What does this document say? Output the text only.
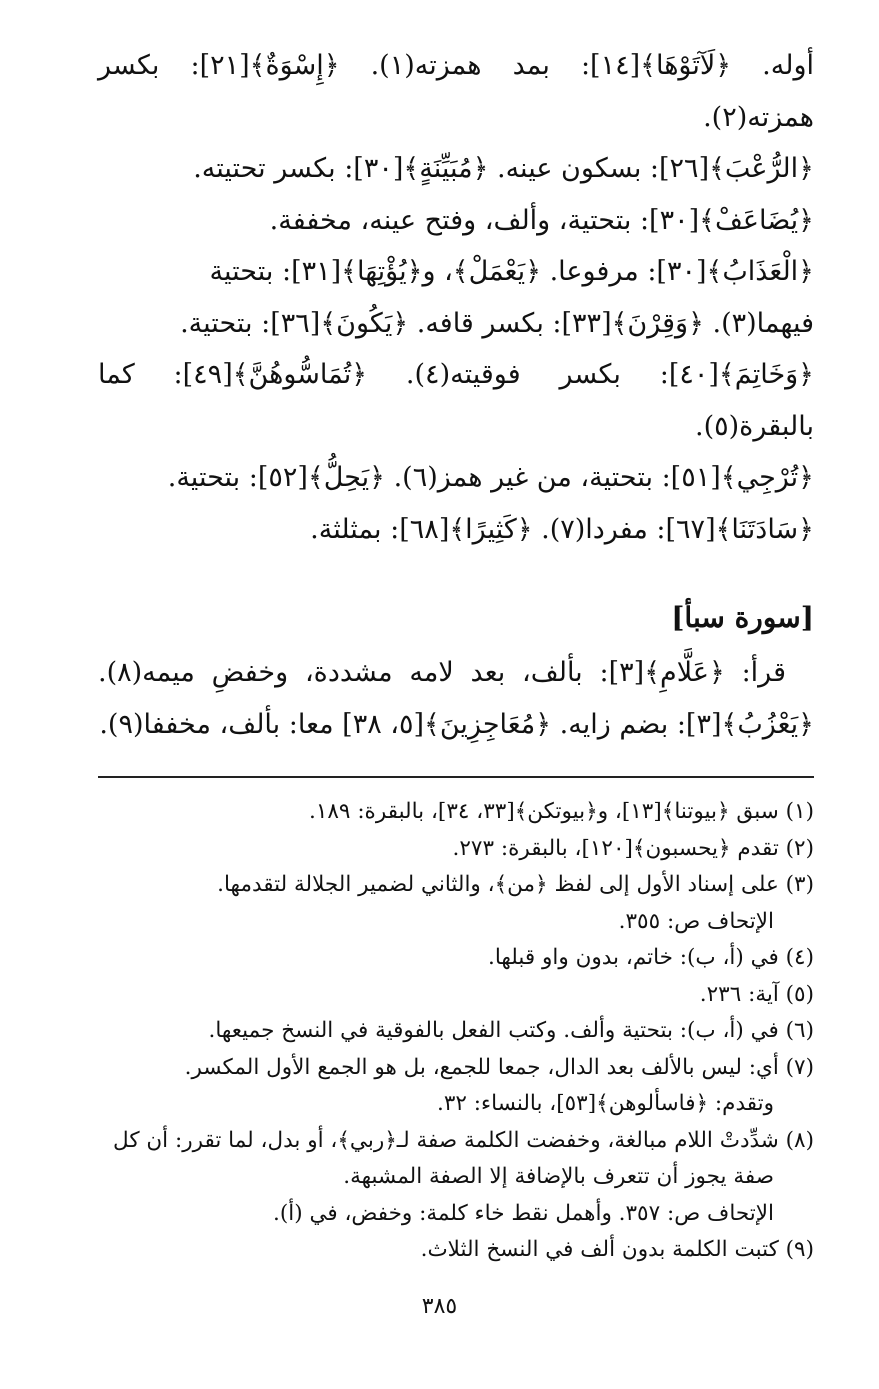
أوله. ﴿لَآتَوْهَا﴾[١٤]: بمد همزته(١). ﴿إِسْوَةٌ﴾[٢١]: بكسر همزته(٢).

﴿الرُّعْبَ﴾[٢٦]: بسكون عينه. ﴿مُبَيِّنَةٍ﴾[٣٠]: بكسر تحتيته.

﴿يُضَاعَفْ﴾[٣٠]: بتحتية، وألف، وفتح عينه، مخففة.

﴿الْعَذَابُ﴾[٣٠]: مرفوعا. ﴿يَعْمَلْ﴾، و﴿يُؤْتِهَا﴾[٣١]: بتحتية

فيهما(٣). ﴿وَقِرْنَ﴾[٣٣]: بكسر قافه. ﴿يَكُونَ﴾[٣٦]: بتحتية.

﴿وَخَاتِمَ﴾[٤٠]: بكسر فوقيته(٤). ﴿تُمَاسُّوهُنَّ﴾[٤٩]: كما بالبقرة(٥).

﴿تُرْجِي﴾[٥١]: بتحتية، من غير همز(٦). ﴿يَحِلُّ﴾[٥٢]: بتحتية.

﴿سَادَتَنَا﴾[٦٧]: مفردا(٧). ﴿كَثِيرًا﴾[٦٨]: بمثلثة.

[سورة سبأ]

قرأ: ﴿عَلَّامِ﴾[٣]: بألف، بعد لامه مشددة، وخفضِ ميمه(٨). ﴿يَعْزُبُ﴾[٣]: بضم زايه. ﴿مُعَاجِزِينَ﴾[٥، ٣٨] معا: بألف، مخففا(٩).

(١) سبق ﴿بيوتنا﴾[١٣]، و﴿بيوتكن﴾[٣٣، ٣٤]، بالبقرة: ١٨٩.

(٢) تقدم ﴿يحسبون﴾[١٢٠]، بالبقرة: ٢٧٣.

(٣) على إسناد الأول إلى لفظ ﴿من﴾، والثاني لضمير الجلالة لتقدمها.

الإتحاف ص: ٣٥٥.

(٤) في (أ، ب): خاتم، بدون واو قبلها.

(٥) آية: ٢٣٦.

(٦) في (أ، ب): بتحتية وألف. وكتب الفعل بالفوقية في النسخ جميعها.

(٧) أي: ليس بالألف بعد الدال، جمعا للجمع، بل هو الجمع الأول المكسر.

وتقدم: ﴿فاسألوهن﴾[٥٣]، بالنساء: ٣٢.

(٨) شدِّدتْ اللام مبالغة، وخفضت الكلمة صفة لـ﴿ربي﴾، أو بدل، لما تقرر: أن كل صفة يجوز أن تتعرف بالإضافة إلا الصفة المشبهة.

الإتحاف ص: ٣٥٧. وأهمل نقط خاء كلمة: وخفض، في (أ).

(٩) كتبت الكلمة بدون ألف في النسخ الثلاث.

٣٨٥
